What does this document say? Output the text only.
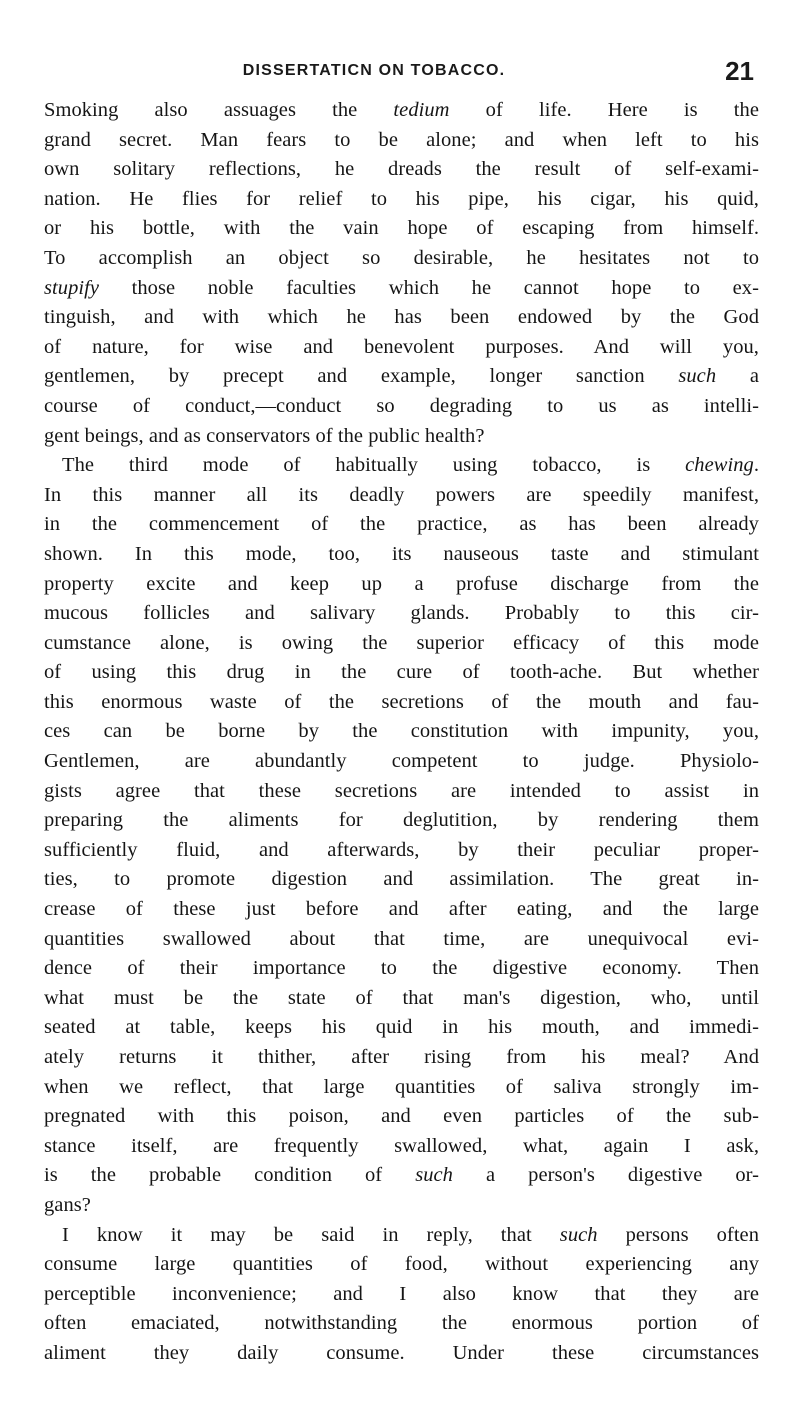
DISSERTATICN ON TOBACCO.	21
Smoking also assuages the tedium of life. Here is the
grand secret. Man fears to be alone; and when left to his
own solitary reflections, he dreads the result of self-exami-
nation. He flies for relief to his pipe, his cigar, his quid,
or his bottle, with the vain hope of escaping from himself.
To accomplish an object so desirable, he hesitates not to
stupify those noble faculties which he cannot hope to ex-
tinguish, and with which he has been endowed by the God
of nature, for wise and benevolent purposes. And will you,
gentlemen, by precept and example, longer sanction such a
course of conduct,—conduct so degrading to us as intelli-
gent beings, and as conservators of the public health?
The third mode of habitually using tobacco, is chewing.
In this manner all its deadly powers are speedily manifest,
in the commencement of the practice, as has been already
shown. In this mode, too, its nauseous taste and stimulant
property excite and keep up a profuse discharge from the
mucous follicles and salivary glands. Probably to this cir-
cumstance alone, is owing the superior efficacy of this mode
of using this drug in the cure of tooth-ache. But whether
this enormous waste of the secretions of the mouth and fau-
ces can be borne by the constitution with impunity, you,
Gentlemen, are abundantly competent to judge. Physiolo-
gists agree that these secretions are intended to assist in
preparing the aliments for deglutition, by rendering them
sufficiently fluid, and afterwards, by their peculiar proper-
ties, to promote digestion and assimilation. The great in-
crease of these just before and after eating, and the large
quantities swallowed about that time, are unequivocal evi-
dence of their importance to the digestive economy. Then
what must be the state of that man's digestion, who, until
seated at table, keeps his quid in his mouth, and immedi-
ately returns it thither, after rising from his meal? And
when we reflect, that large quantities of saliva strongly im-
pregnated with this poison, and even particles of the sub-
stance itself, are frequently swallowed, what, again I ask,
is the probable condition of such a person's digestive or-
gans?
I know it may be said in reply, that such persons often
consume large quantities of food, without experiencing any
perceptible inconvenience; and I also know that they are
often emaciated, notwithstanding the enormous portion of
aliment they daily consume. Under these circumstances
